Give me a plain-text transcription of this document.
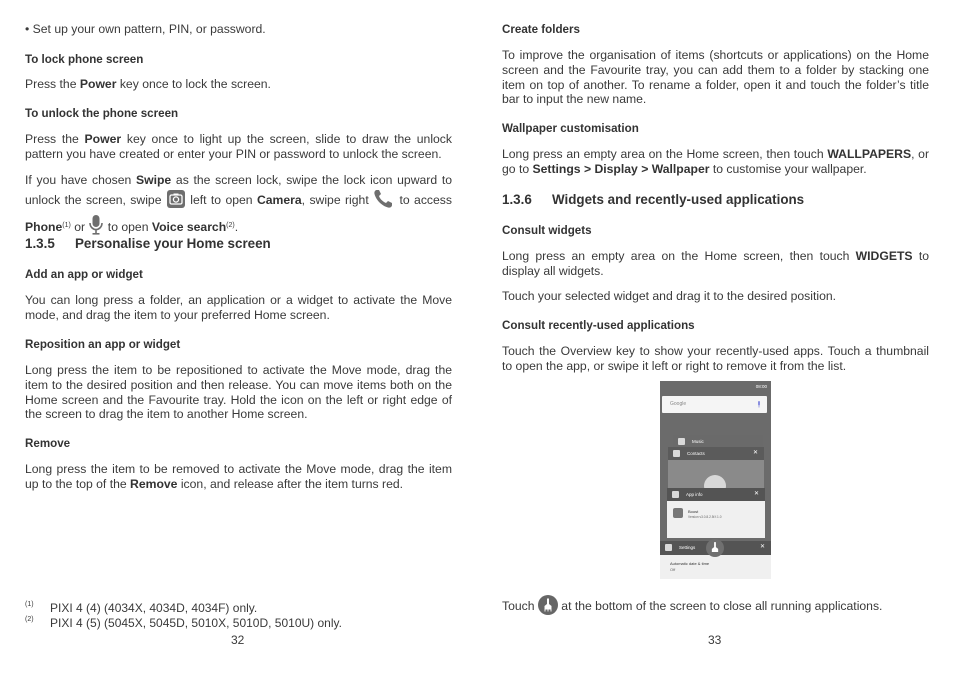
• Set up your own pattern, PIN, or password.

To lock phone screen

Press the Power key once to lock the screen.

To unlock the phone screen

Press the Power key once to light up the screen, slide to draw the unlock pattern you have created or enter your PIN or password to unlock the screen.

If you have chosen Swipe as the screen lock, swipe the lock icon upward to unlock the screen, swipe  left to open Camera, swipe right  to access Phone$^{(1)}$ or  to open Voice search$^{(2)}$.

1.3.5 Personalise your Home screen

Add an app or widget

You can long press a folder, an application or a widget to activate the Move mode, and drag the item to your preferred Home screen.

Reposition an app or widget

Long press the item to be repositioned to activate the Move mode, drag the item to the desired position and then release. You can move items both on the Home screen and the Favourite tray. Hold the icon on the left or right edge of the screen to drag the item to another Home screen.

Remove

Long press the item to be removed to activate the Move mode, drag the item up to the top of the Remove icon, and release after the item turns red.

(1) PIXI 4 (4) (4034X, 4034D, 4034F) only.
(2) PIXI 4 (5) (5045X, 5045D, 5010X, 5010D, 5010U) only.
32

Create folders

To improve the organisation of items (shortcuts or applications) on the Home screen and the Favourite tray, you can add them to a folder by stacking one item on top of another. To rename a folder, open it and touch the folder’s title bar to input the new name.

Wallpaper customisation

Long press an empty area on the Home screen, then touch WALLPAPERS, or go to Settings > Display > Wallpaper to customise your wallpaper.

1.3.6 Widgets and recently-used applications

Consult widgets

Long press an empty area on the Home screen, then touch WIDGETS to display all widgets.

Touch your selected widget and drag it to the desired position.

Consult recently-used applications

Touch the Overview key to show your recently-used apps. Touch a thumbnail to open the app, or swipe it left or right to remove it from the list.

Touch  at the bottom of the screen to close all running applications.

08:00
Google
Music
Contacts	✕
App info	✕
Boost
Version v3.0.8.2.5f.f.1.0
Settings	✕
Automatic date & time
Off
33
